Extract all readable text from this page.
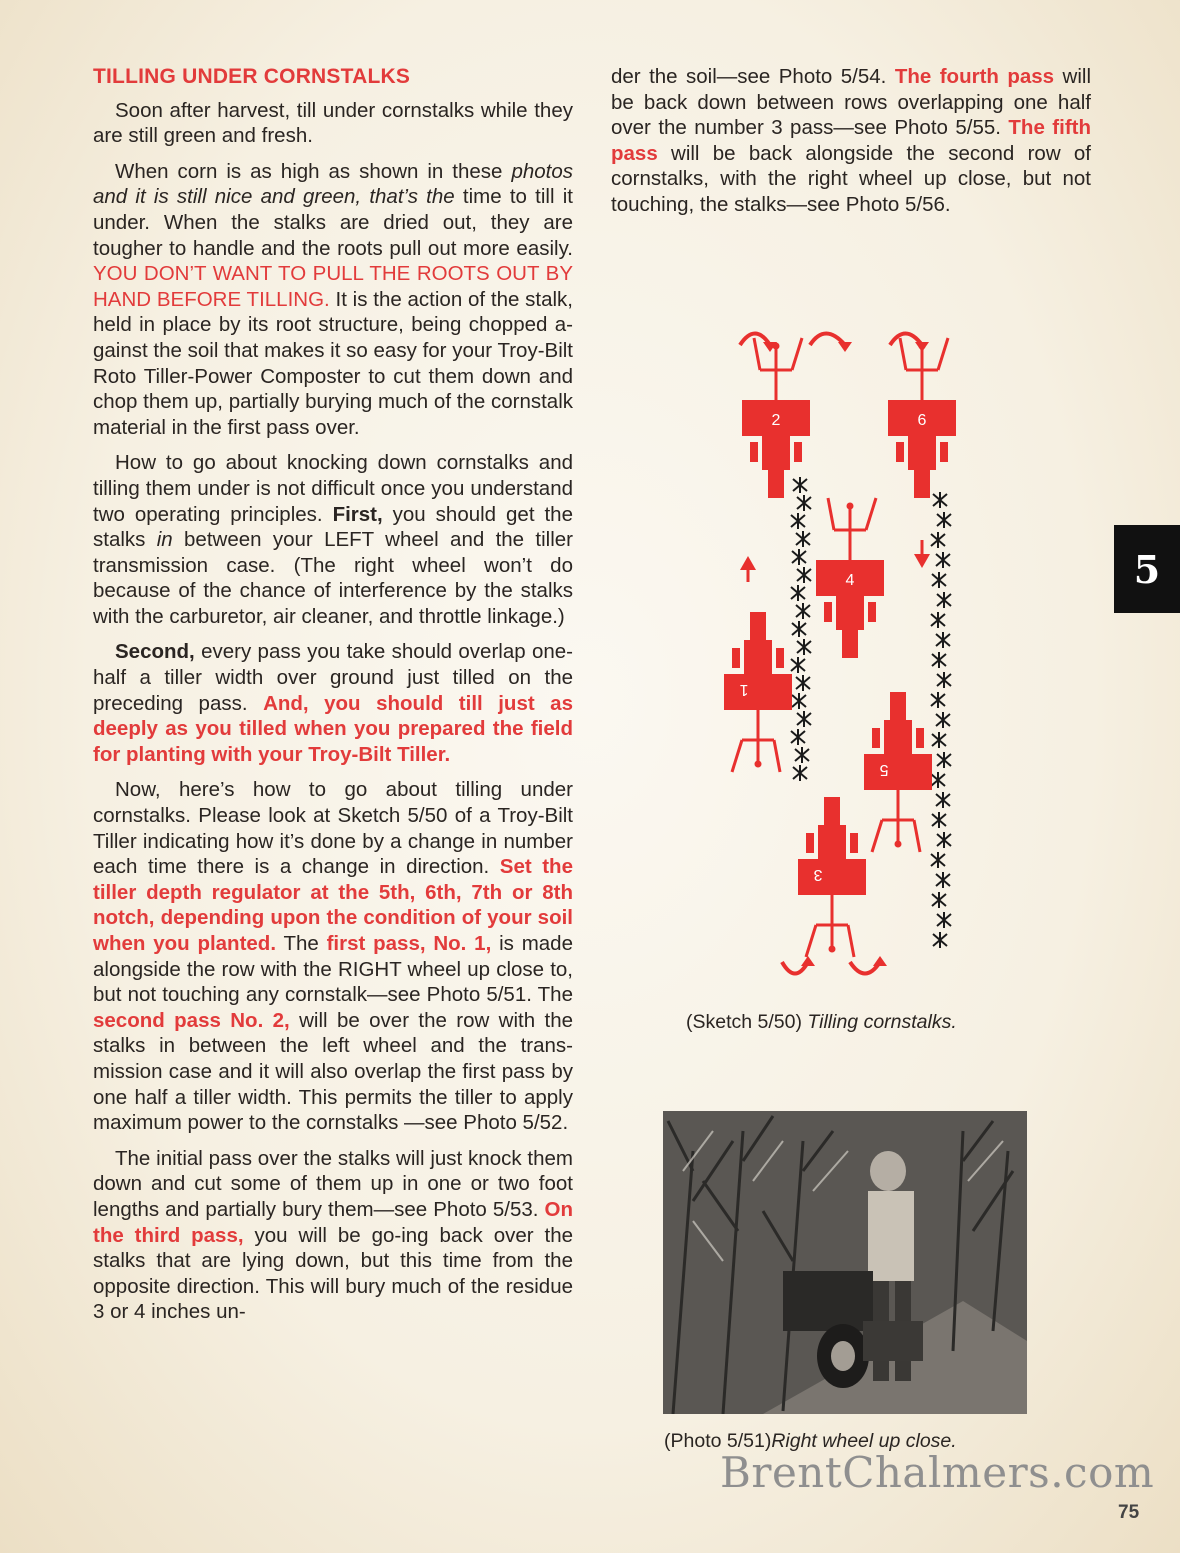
TILLING UNDER CORNSTALKS

Soon after harvest, till under cornstalks while they are still green and fresh.

When corn is as high as shown in these photos and it is still nice and green, that’s the time to till it under. When the stalks are dried out, they are tougher to handle and the roots pull out more easily. YOU DON’T WANT TO PULL THE ROOTS OUT BY HAND BEFORE TILLING. It is the action of the stalk, held in place by its root structure, being chopped a-gainst the soil that makes it so easy for your Troy-Bilt Roto Tiller-Power Composter to cut them down and chop them up, partially burying much of the cornstalk material in the first pass over.

How to go about knocking down cornstalks and tilling them under is not difficult once you understand two operating principles. First, you should get the stalks in between your LEFT wheel and the tiller transmission case. (The right wheel won’t do because of the chance of interference by the stalks with the carburetor, air cleaner, and throttle linkage.)

Second, every pass you take should overlap one-half a tiller width over ground just tilled on the preceding pass. And, you should till just as deeply as you tilled when you prepared the field for planting with your Troy-Bilt Tiller.

Now, here’s how to go about tilling under cornstalks. Please look at Sketch 5/50 of a Troy-Bilt Tiller indicating how it’s done by a change in number each time there is a change in direction. Set the tiller depth regulator at the 5th, 6th, 7th or 8th notch, depending upon the condition of your soil when you planted. The first pass, No. 1, is made alongside the row with the RIGHT wheel up close to, but not touching any cornstalk—see Photo 5/51. The second pass No. 2, will be over the row with the stalks in between the left wheel and the trans-mission case and it will also overlap the first pass by one half a tiller width. This permits the tiller to apply maximum power to the cornstalks —see Photo 5/52.

The initial pass over the stalks will just knock them down and cut some of them up in one or two foot lengths and partially bury them—see Photo 5/53. On the third pass, you will be go-ing back over the stalks that are lying down, but this time from the opposite direction. This will bury much of the residue 3 or 4 inches un-

der the soil—see Photo 5/54. The fourth pass will be back down between rows overlapping one half over the number 3 pass—see Photo 5/55. The fifth pass will be back alongside the second row of cornstalks, with the right wheel up close, but not touching, the stalks—see Photo 5/56.

5
2	6
4
1
5
3
(Sketch 5/50) Tilling cornstalks.
(Photo 5/51)Right wheel up close.
BrentChalmers.com
75
